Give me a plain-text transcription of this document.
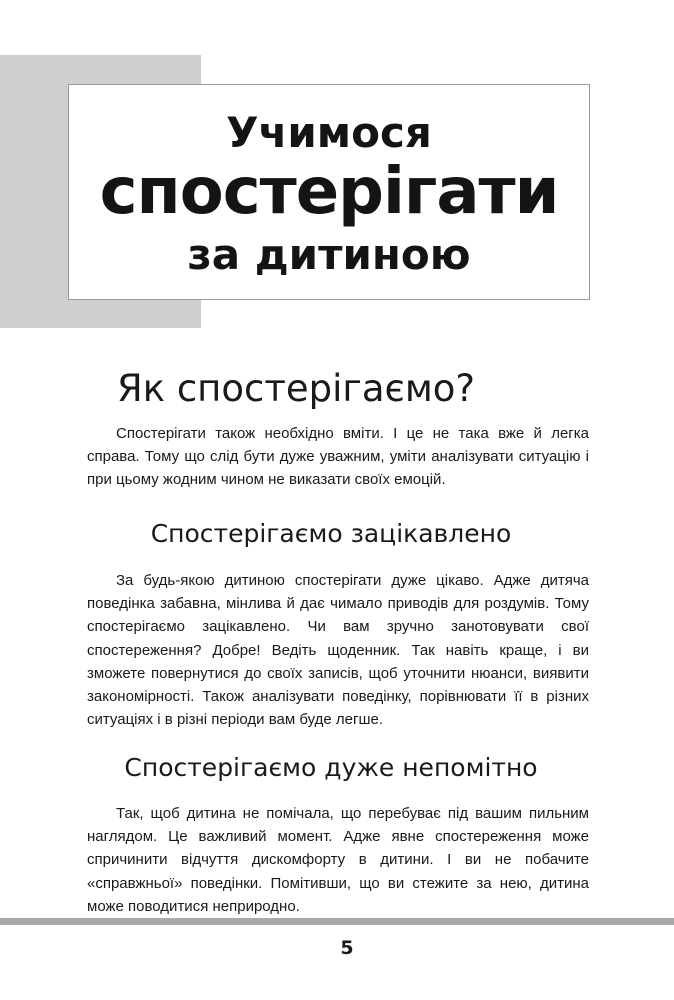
Учимося
спостерігати
за дитиною
Як спостерігаємо?

Спостерігати також необхідно вміти. І це не така вже й легка справа. Тому що слід бути дуже уважним, уміти аналізувати ситуацію і при цьому жодним чином не виказати своїх емоцій.

Спостерігаємо зацікавлено

За будь-якою дитиною спостерігати дуже цікаво. Адже дитяча поведінка забавна, мінлива й дає чимало приводів для роздумів. Тому спостерігаємо зацікавлено. Чи вам зручно занотовувати свої спостереження? Добре! Ведіть щоденник. Так навіть краще, і ви зможете повернутися до своїх записів, щоб уточнити нюанси, виявити закономірності. Також аналізувати поведінку, порівнювати її в різних ситуаціях і в різні періоди вам буде легше.

Спостерігаємо дуже непомітно

Так, щоб дитина не помічала, що перебуває під вашим пильним наглядом. Це важливий момент. Адже явне спостереження може спричинити відчуття дискомфорту в дитини. І ви не побачите «справжньої» поведінки. Помітивши, що ви стежите за нею, дитина може поводитися неприродно.

5
